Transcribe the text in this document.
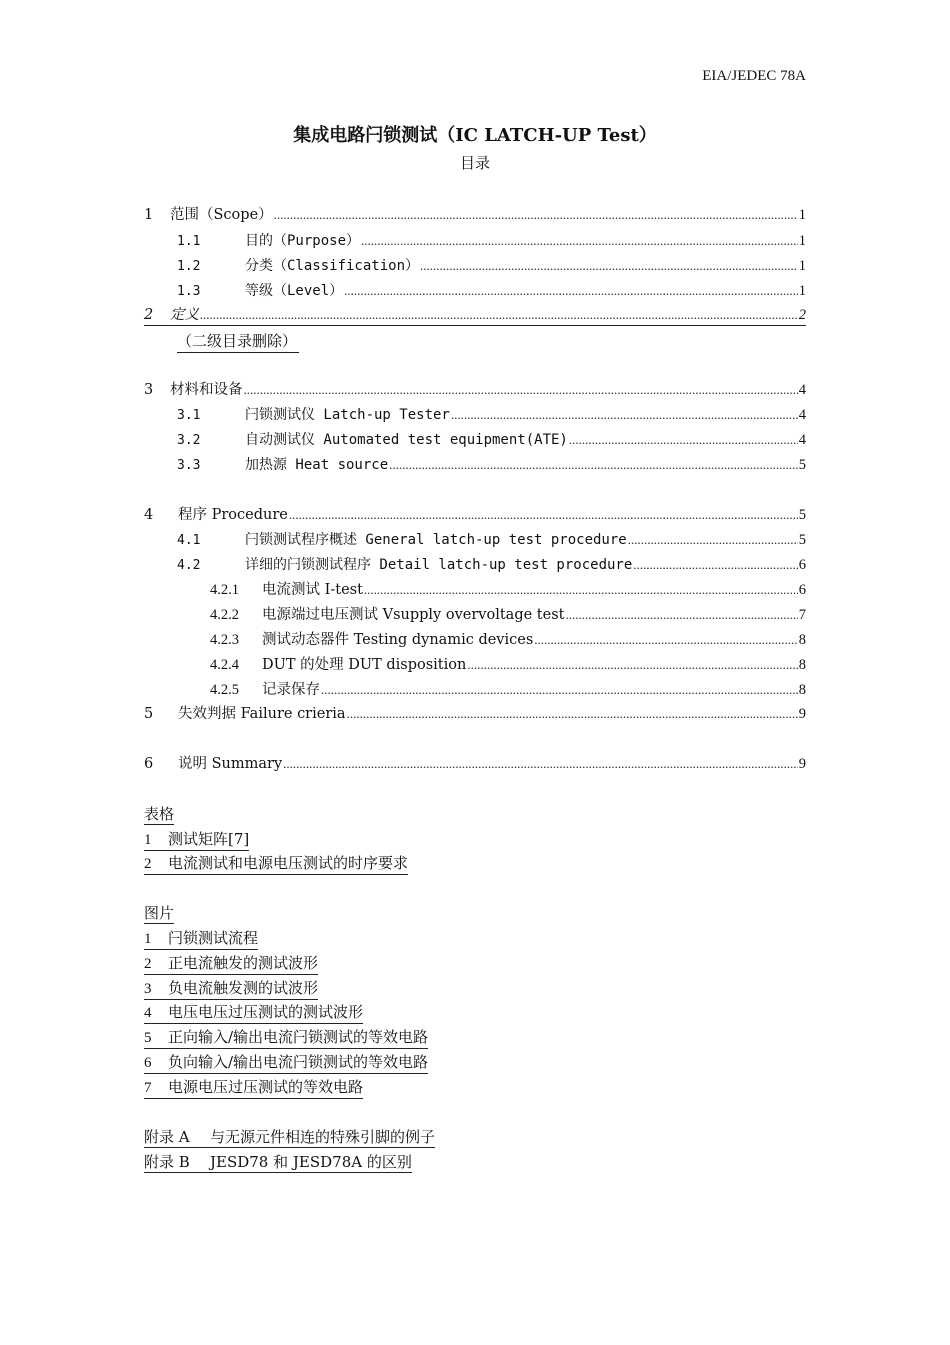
EIA/JEDEC 78A
集成电路闩锁测试（IC LATCH-UP Test）
目录
1	范围（Scope） .....	1
1.1	目的（Purpose） .....	1
1.2	分类（Classification） .....	1
1.3	等级（Level） .....	1
2	定义 .....	2
3	材料和设备 .....	4
3.1	闩锁测试仪 Latch-up Tester .....	4
3.2	自动测试仪 Automated test equipment(ATE) .....	4
3.3	加热源 Heat source .....	5
4	程序 Procedure .....	5
4.1	闩锁测试程序概述 General latch-up test procedure .....	5
4.2	详细的闩锁测试程序 Detail latch-up test procedure .....	6
4.2.1	电流测试 I-test .....	6
4.2.2	电源端过电压测试 Vsupply overvoltage test .....	7
4.2.3	测试动态器件 Testing dynamic devices .....	8
4.2.4	DUT 的处理 DUT disposition .....	8
4.2.5	记录保存 .....	8
5	失效判据 Failure crieria .....	9
6	说明 Summary .....	9
（二级目录删除）
表格
1 测试矩阵[7]
2 电流测试和电源电压测试的时序要求
图片
1 闩锁测试流程
2 正电流触发的测试波形
3 负电流触发测的试波形
4 电压电压过压测试的测试波形
5 正向输入/输出电流闩锁测试的等效电路
6 负向输入/输出电流闩锁测试的等效电路
7 电源电压过压测试的等效电路
附录 A 与无源元件相连的特殊引脚的例子
附录 B JESD78 和 JESD78A 的区别
